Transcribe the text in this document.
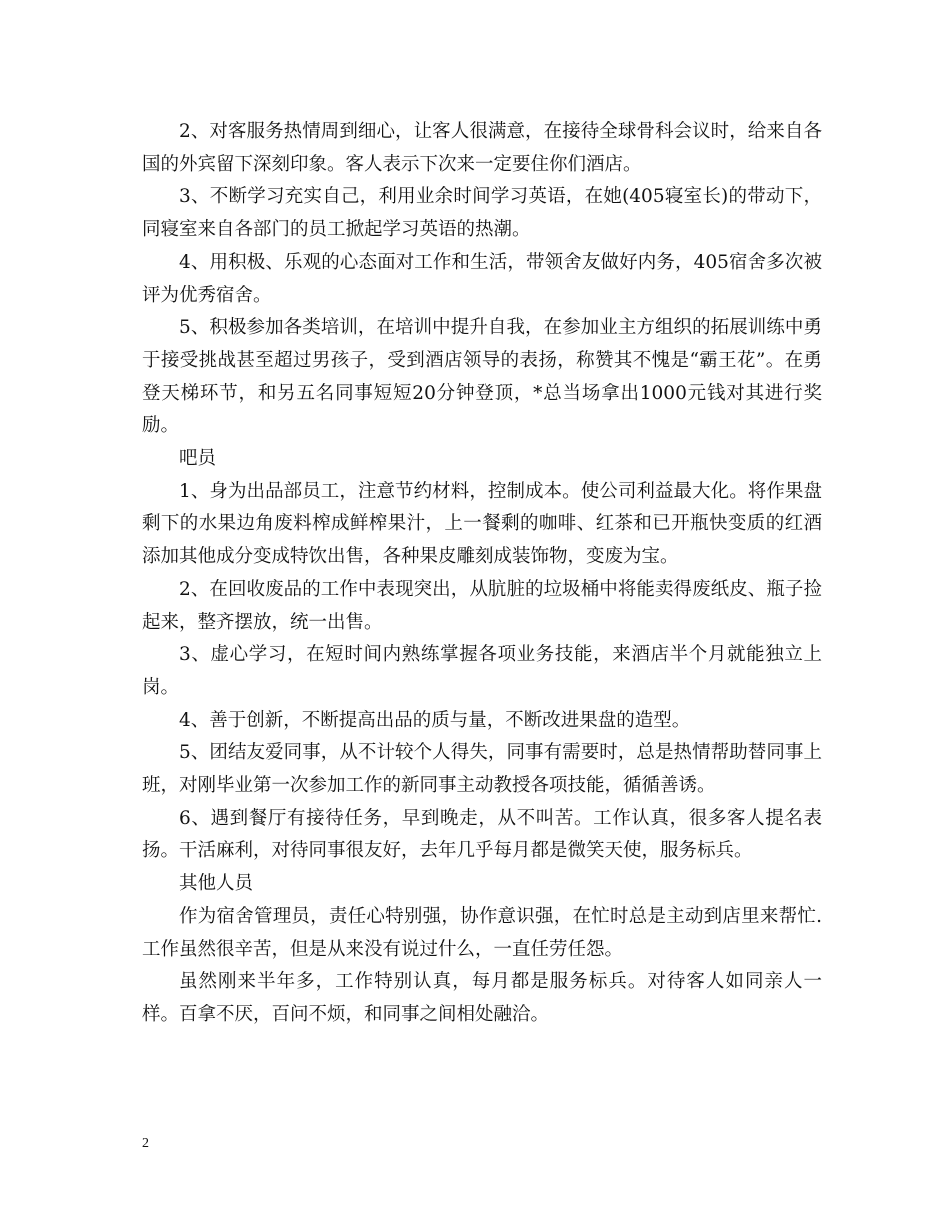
2、对客服务热情周到细心，让客人很满意，在接待全球骨科会议时，给来自各国的外宾留下深刻印象。客人表示下次来一定要住你们酒店。

3、不断学习充实自己，利用业余时间学习英语，在她(405寝室长)的带动下，同寝室来自各部门的员工掀起学习英语的热潮。

4、用积极、乐观的心态面对工作和生活，带领舍友做好内务，405宿舍多次被评为优秀宿舍。

5、积极参加各类培训，在培训中提升自我，在参加业主方组织的拓展训练中勇于接受挑战甚至超过男孩子，受到酒店领导的表扬，称赞其不愧是“霸王花”。在勇登天梯环节，和另五名同事短短20分钟登顶，*总当场拿出1000元钱对其进行奖励。

吧员

1、身为出品部员工，注意节约材料，控制成本。使公司利益最大化。将作果盘剩下的水果边角废料榨成鲜榨果汁，上一餐剩的咖啡、红茶和已开瓶快变质的红酒添加其他成分变成特饮出售，各种果皮雕刻成装饰物，变废为宝。

2、在回收废品的工作中表现突出，从肮脏的垃圾桶中将能卖得废纸皮、瓶子捡起来，整齐摆放，统一出售。

3、虚心学习，在短时间内熟练掌握各项业务技能，来酒店半个月就能独立上岗。

4、善于创新，不断提高出品的质与量，不断改进果盘的造型。

5、团结友爱同事，从不计较个人得失，同事有需要时，总是热情帮助替同事上班，对刚毕业第一次参加工作的新同事主动教授各项技能，循循善诱。

6、遇到餐厅有接待任务，早到晚走，从不叫苦。工作认真，很多客人提名表扬。干活麻利，对待同事很友好，去年几乎每月都是微笑天使，服务标兵。

其他人员

作为宿舍管理员，责任心特别强，协作意识强，在忙时总是主动到店里来帮忙.工作虽然很辛苦，但是从来没有说过什么，一直任劳任怨。

虽然刚来半年多，工作特别认真，每月都是服务标兵。对待客人如同亲人一样。百拿不厌，百问不烦，和同事之间相处融洽。

2
